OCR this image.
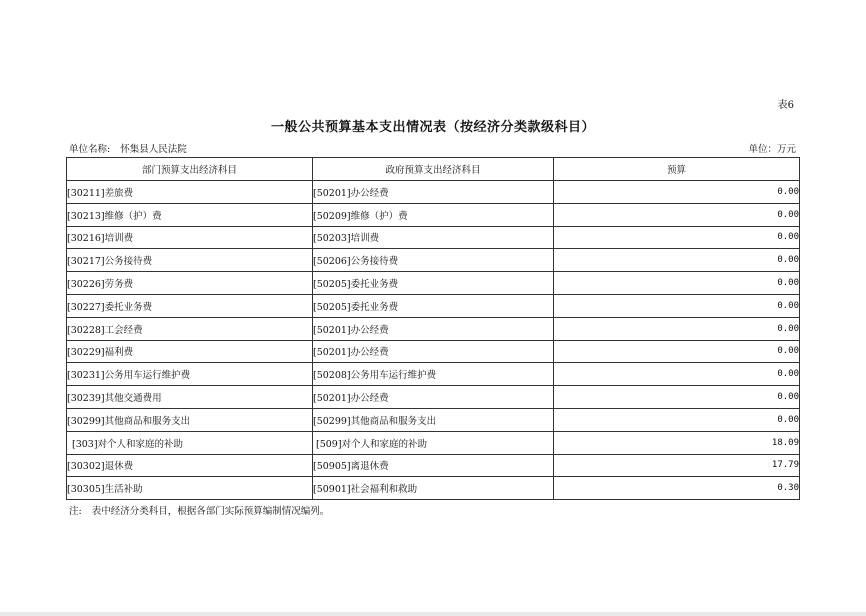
表6
一般公共预算基本支出情况表（按经济分类款级科目）
单位名称: 怀集县人民法院	单位：万元
部门预算支出经济科目	政府预算支出经济科目	预算
[30211]差旅费	[50201]办公经费	0.00
[30213]维修（护）费	[50209]维修（护）费	0.00
[30216]培训费	[50203]培训费	0.00
[30217]公务接待费	[50206]公务接待费	0.00
[30226]劳务费	[50205]委托业务费	0.00
[30227]委托业务费	[50205]委托业务费	0.00
[30228]工会经费	[50201]办公经费	0.00
[30229]福利费	[50201]办公经费	0.00
[30231]公务用车运行维护费	[50208]公务用车运行维护费	0.00
[30239]其他交通费用	[50201]办公经费	0.00
[30299]其他商品和服务支出	[50299]其他商品和服务支出	0.00
[303]对个人和家庭的补助	[509]对个人和家庭的补助	18.09
[30302]退休费	[50905]离退休费	17.79
[30305]生活补助	[50901]社会福利和救助	0.30
注: 表中经济分类科目，根据各部门实际预算编制情况编列。
